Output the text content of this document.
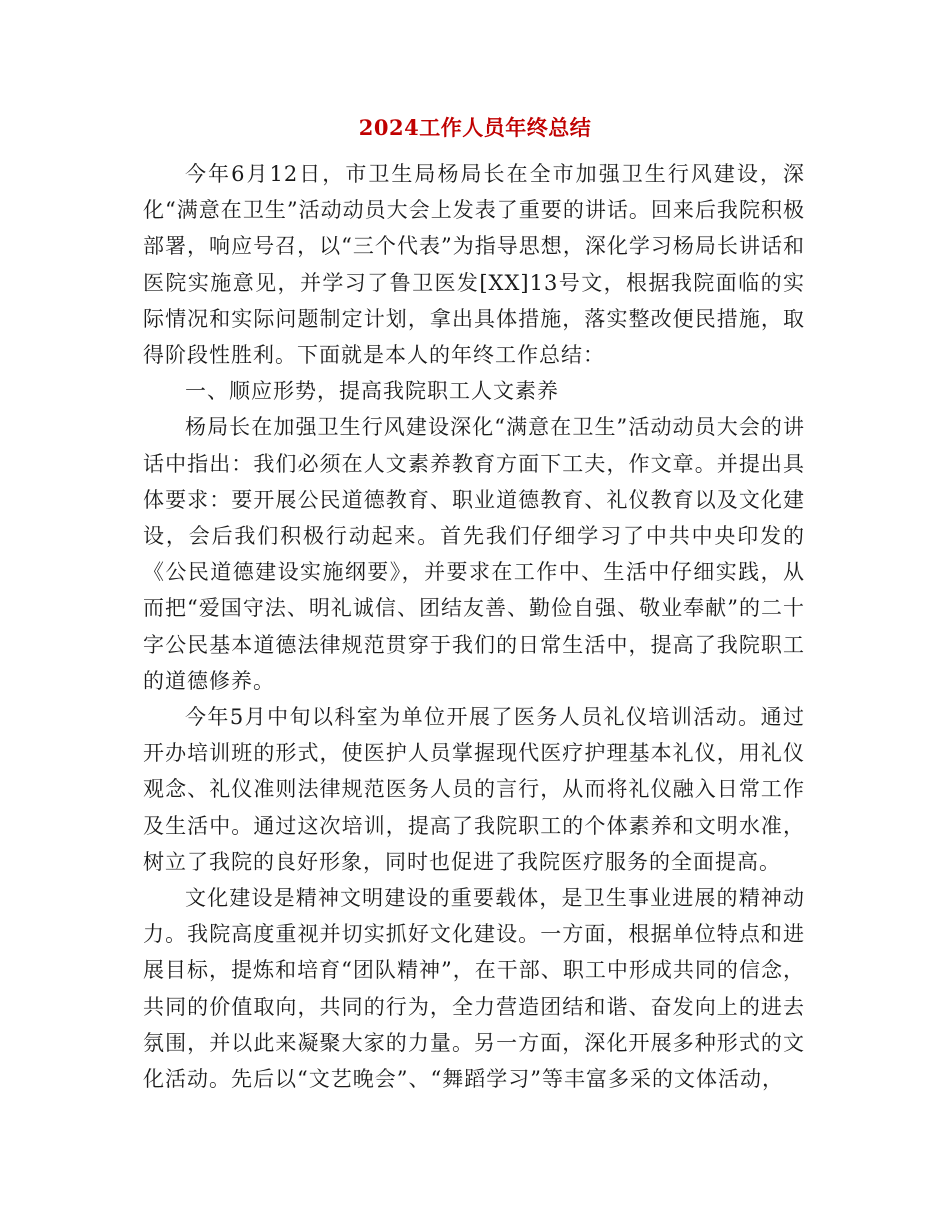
2024工作人员年终总结

今年6月12日，市卫生局杨局长在全市加强卫生行风建设，深化“满意在卫生”活动动员大会上发表了重要的讲话。回来后我院积极部署，响应号召，以“三个代表”为指导思想，深化学习杨局长讲话和医院实施意见，并学习了鲁卫医发[XX]13号文，根据我院面临的实际情况和实际问题制定计划，拿出具体措施，落实整改便民措施，取得阶段性胜利。下面就是本人的年终工作总结：

一、顺应形势，提高我院职工人文素养

杨局长在加强卫生行风建设深化“满意在卫生”活动动员大会的讲话中指出：我们必须在人文素养教育方面下工夫，作文章。并提出具体要求：要开展公民道德教育、职业道德教育、礼仪教育以及文化建设，会后我们积极行动起来。首先我们仔细学习了中共中央印发的《公民道德建设实施纲要》，并要求在工作中、生活中仔细实践，从而把“爱国守法、明礼诚信、团结友善、勤俭自强、敬业奉献”的二十字公民基本道德法律规范贯穿于我们的日常生活中，提高了我院职工的道德修养。

今年5月中旬以科室为单位开展了医务人员礼仪培训活动。通过开办培训班的形式，使医护人员掌握现代医疗护理基本礼仪，用礼仪观念、礼仪准则法律规范医务人员的言行，从而将礼仪融入日常工作及生活中。通过这次培训，提高了我院职工的个体素养和文明水准，树立了我院的良好形象，同时也促进了我院医疗服务的全面提高。

文化建设是精神文明建设的重要载体，是卫生事业进展的精神动力。我院高度重视并切实抓好文化建设。一方面，根据单位特点和进展目标，提炼和培育“团队精神”，在干部、职工中形成共同的信念，共同的价值取向，共同的行为，全力营造团结和谐、奋发向上的进去氛围，并以此来凝聚大家的力量。另一方面，深化开展多种形式的文化活动。先后以“文艺晚会”、“舞蹈学习”等丰富多采的文体活动，
